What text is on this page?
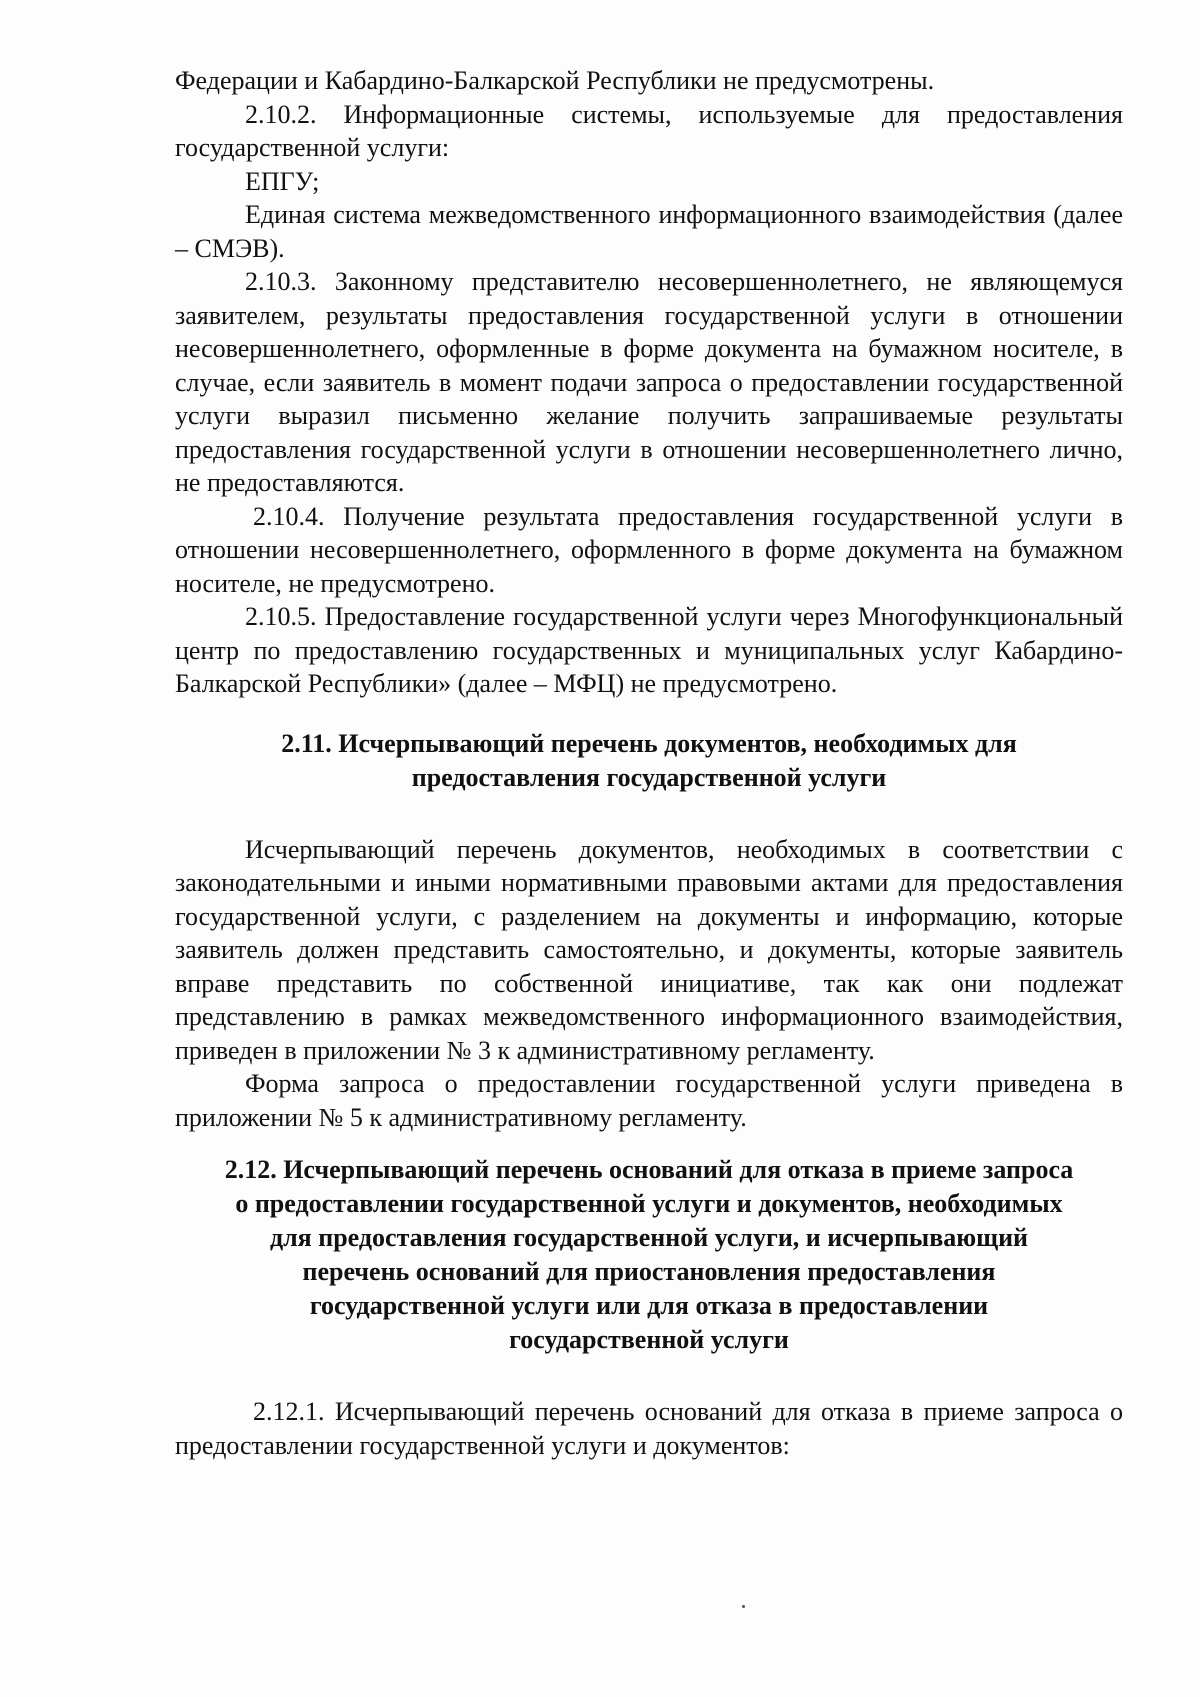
Федерации и Кабардино-Балкарской Республики не предусмотрены.

2.10.2. Информационные системы, используемые для предоставления государственной услуги:

ЕПГУ;

Единая система межведомственного информационного взаимодействия (далее – СМЭВ).

2.10.3. Законному представителю несовершеннолетнего, не являющемуся заявителем, результаты предоставления государственной услуги в отношении несовершеннолетнего, оформленные в форме документа на бумажном носителе, в случае, если заявитель в момент подачи запроса о предоставлении государственной услуги выразил письменно желание получить запрашиваемые результаты предоставления государственной услуги в отношении несовершеннолетнего лично, не предоставляются.

2.10.4. Получение результата предоставления государственной услуги в отношении несовершеннолетнего, оформленного в форме документа на бумажном носителе, не предусмотрено.

2.10.5. Предоставление государственной услуги через Многофункциональный центр по предоставлению государственных и муниципальных услуг Кабардино-Балкарской Республики» (далее – МФЦ) не предусмотрено.

2.11. Исчерпывающий перечень документов, необходимых для
предоставления государственной услуги

Исчерпывающий перечень документов, необходимых в соответствии с законодательными и иными нормативными правовыми актами для предоставления государственной услуги, с разделением на документы и информацию, которые заявитель должен представить самостоятельно, и документы, которые заявитель вправе представить по собственной инициативе, так как они подлежат представлению в рамках межведомственного информационного взаимодействия, приведен в приложении № 3 к административному регламенту.

Форма запроса о предоставлении государственной услуги приведена в приложении № 5 к административному регламенту.

2.12. Исчерпывающий перечень оснований для отказа в приеме запроса
о предоставлении государственной услуги и документов, необходимых
для предоставления государственной услуги, и исчерпывающий
перечень оснований для приостановления предоставления
государственной услуги или для отказа в предоставлении
государственной услуги

2.12.1. Исчерпывающий перечень оснований для отказа в приеме запроса о предоставлении государственной услуги и документов:
